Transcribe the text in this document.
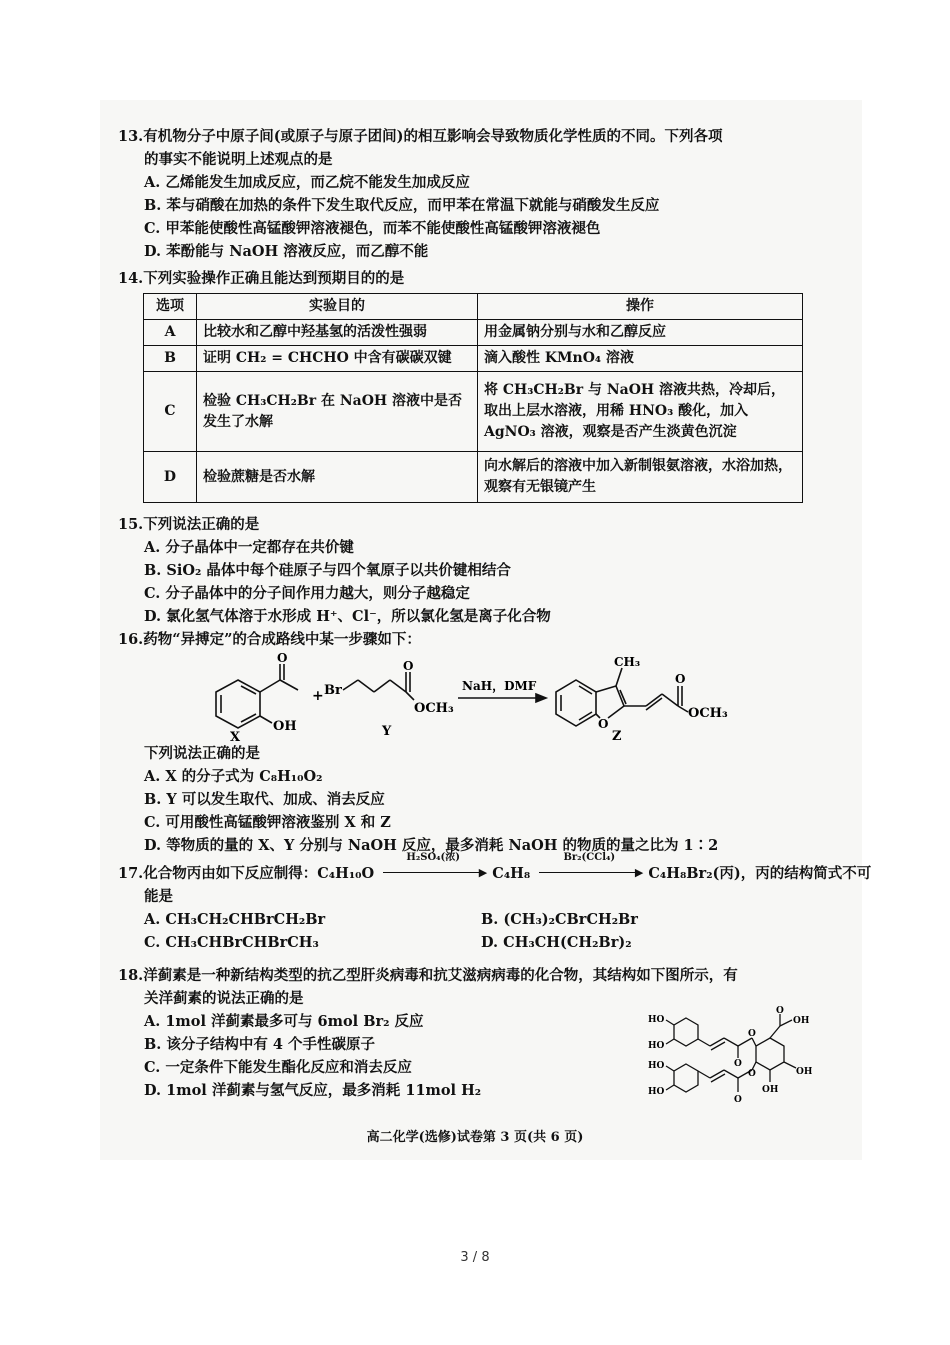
13.有机物分子中原子间(或原子与原子团间)的相互影响会导致物质化学性质的不同。下列各项
的事实不能说明上述观点的是
A. 乙烯能发生加成反应，而乙烷不能发生加成反应
B. 苯与硝酸在加热的条件下发生取代反应，而甲苯在常温下就能与硝酸发生反应
C. 甲苯能使酸性高锰酸钾溶液褪色，而苯不能使酸性高锰酸钾溶液褪色
D. 苯酚能与 NaOH 溶液反应，而乙醇不能
14.下列实验操作正确且能达到预期目的的是
选项	实验目的	操作
A	比较水和乙醇中羟基氢的活泼性强弱	用金属钠分别与水和乙醇反应
B	证明 CH₂ = CHCHO 中含有碳碳双键	滴入酸性 KMnO₄ 溶液
C	检验 CH₃CH₂Br 在 NaOH 溶液中是否发生了水解	将 CH₃CH₂Br 与 NaOH 溶液共热，冷却后，取出上层水溶液，用稀 HNO₃ 酸化，加入 AgNO₃ 溶液，观察是否产生淡黄色沉淀
D	检验蔗糖是否水解	向水解后的溶液中加入新制银氨溶液，水浴加热，观察有无银镜产生
15.下列说法正确的是
A. 分子晶体中一定都存在共价键
B. SiO₂ 晶体中每个硅原子与四个氧原子以共价键相结合
C. 分子晶体中的分子间作用力越大，则分子越稳定
D. 氯化氢气体溶于水形成 H⁺、Cl⁻，所以氯化氢是离子化合物
16.药物“异搏定”的合成路线中某一步骤如下：
O
OH
X
+ Br
O
OCH₃
Y
NaH，DMF
CH₃
O
O
OCH₃
Z
下列说法正确的是
A. X 的分子式为 C₈H₁₀O₂
B. Y 可以发生取代、加成、消去反应
C. 可用酸性高锰酸钾溶液鉴别 X 和 Z
D. 等物质的量的 X、Y 分别与 NaOH 反应，最多消耗 NaOH 的物质的量之比为 1∶2
17.化合物丙由如下反应制得：C₄H₁₀O
H₂SO₄(浓)
▶ C₄H₈
Br₂(CCl₄)
▶ C₄H₈Br₂(丙)，丙的结构简式不可
能是
A. CH₃CH₂CHBrCH₂Br	B. (CH₃)₂CBrCH₂Br
C. CH₃CHBrCHBrCH₃	D. CH₃CH(CH₂Br)₂
18.洋蓟素是一种新结构类型的抗乙型肝炎病毒和抗艾滋病病毒的化合物，其结构如下图所示，有
关洋蓟素的说法正确的是
A. 1mol 洋蓟素最多可与 6mol Br₂ 反应
B. 该分子结构中有 4 个手性碳原子
C. 一定条件下能发生酯化反应和消去反应
D. 1mol 洋蓟素与氢气反应，最多消耗 11mol H₂
HO
HO
HO
HO
O
O
O
O
O
OH
OH
OH
高二化学(选修)试卷第 3 页(共 6 页)
3 / 8
